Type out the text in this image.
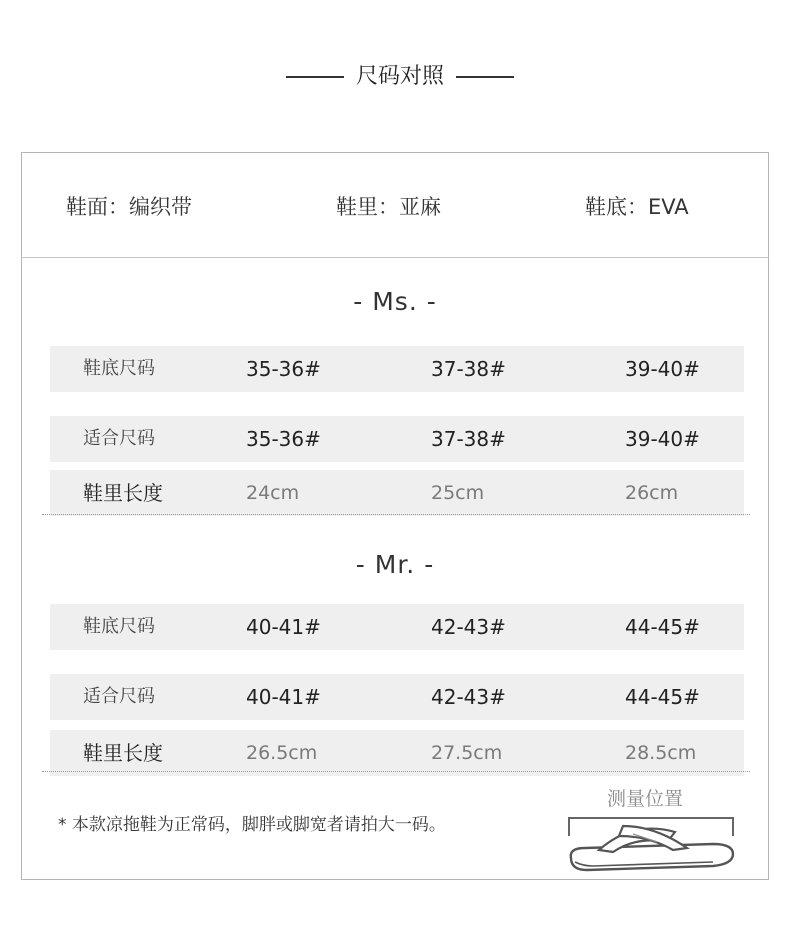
尺码对照
鞋面：编织带	鞋里：亚麻	鞋底：EVA
- Ms. -
鞋底尺码	35-36#	37-38#	39-40#
适合尺码	35-36#	37-38#	39-40#
鞋里长度	24cm	25cm	26cm
- Mr. -
鞋底尺码	40-41#	42-43#	44-45#
适合尺码	40-41#	42-43#	44-45#
鞋里长度	26.5cm	27.5cm	28.5cm
* 本款凉拖鞋为正常码，脚胖或脚宽者请拍大一码。
测量位置
